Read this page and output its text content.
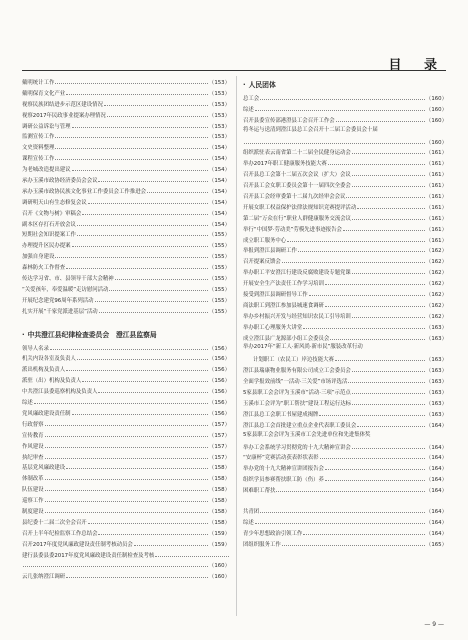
目 录
戴明统计工作	（153）
戴明保育文化产业	（153）
视察民族团结进步示范区建设情况	（153）
视察2017年民政事业提案办理情况	（153）
调研公益诉讼与管理	（153）
监测宣传工作	（153）
文史资料整理	（154）
课程宣传工作	（154）
为老城改造提出建议	（154）
承办玉溪市政协经济委员会会议	（154）
承办玉溪市政协民族文化事业工作委员会工作推进会	（154）
调研明天山有生态修复会议	（154）
召开《文物与树》审稿会	（154）
副本区存打石开放会议	（154）
短期社会知识提案工作	（155）
办理提升区民办提案	（155）
加强自身建设	（155）
森林防火工作督查	（155）
传达学习省、市、县领导干部大会精神	（155）
“关爱孩年，奉爱温暖”走访慰问活动	（155）
开展纪念建党96周年系列活动	（155）
扎实开展“千家党派进基层”活动	（155）
· 中共澄江县纪律检查委员会　澄江县监察局
领导人名录	（156）
机关内设各室及负责人	（156）
派出机构及负责人	（156）
派驻（出）机构及负责人	（156）
中共澄江县委巡察机构及负责人	（156）
综述	（156）
党风廉政建设责任制	（156）
行政督察	（157）
宣传教育	（157）
作风建设	（157）
执纪审查	（157）
基层党风廉政建设	（158）
体制改革	（158）
队伍建设	（158）
巡察工作	（158）
制度建设	（158）
县纪委十二届二次全会召开	（158）
召开上半年纪检监察工作总结会	（159）
召开2017年度党风廉政建设责任制考核动员会	（159）
建行县委县委2017年度党风廉政建设责任制检查及考核
（160）
云几张纳澄江调研	（160）
· 人民团体
总工会	（160）
综述	（160）
召开县委宣传部港澄县工会召开工作会	（160）
将冬运与送清到澄江县总工会召开十二届工会委员会十届
（160）
组织派驻表云南省第二十二届全民健身运动会	（161）
举办2017年职工健康服务技能大赛	（161）
召开县总工会第十二届五次会议（扩大）会议	（161）
召开县工会女职工委员会第十一届四次全委会	（161）
召开县工会经审委第十二届九次经审会会议	（161）
开展女职工权益保护法律法规知识竞赛提评活动	（161）
第二届“万众在行”职业人群健康服务交流会议	（161）
举行“中国梦·劳动美”劳模先进事迹报告会	（161）
成立职工服务中心	（161）
举报到澄江县调研工作	（162）
召开提案反馈会	（162）
举办职工平安澄江行建设反腐败建设专题党课	（162）
开展安全生产法责任工作学习培训	（162）
接受到澄江县调研督导工作	（162）
商法职工到澄江参加县城速食调研	（162）
举办乡村振兴开发与经营知识农民工引导培训	（162）
举办职工心理服务大讲堂	（163）
成立澄江县广龙源部小组工会委员会	（163）
举办2017年“新工人·新风尚·新市民”服装改革行动
计划职工（农民工）岸边技能大赛	（163）
澄江县瑞康物业服务有限公司成立工会委员会	（163）
全面学报效前线“一活动·三关爱”市场评选活	（163）
5家县职工会会评为玉溪市“活动·三项”示范点	（163）
玉溪市工会评为“职工帮扶”建设工程运行达标	（163）
澄江县总工会职工书屋建成揭牌	（163）
澄江县总工会首批建立重点企业代表职工委员会	（164）
5家县职工会会评为玉溪市工会先进单位和先进集体奖
举办工会系统学习贯彻党的十九大精神宣讲会	（164）
“安康杯”竞赛活动获表彰状表彰	（164）
举办党的十九大精神宣讲团报告会	（164）
组织学员参赛帮扶职工防（伤）养	（164）
困难职工帮扶	（164）
共青团	（164）
综述	（164）
青少年思想政治引领工作	（164）
团组织服务工作	（165）
— 9 —
